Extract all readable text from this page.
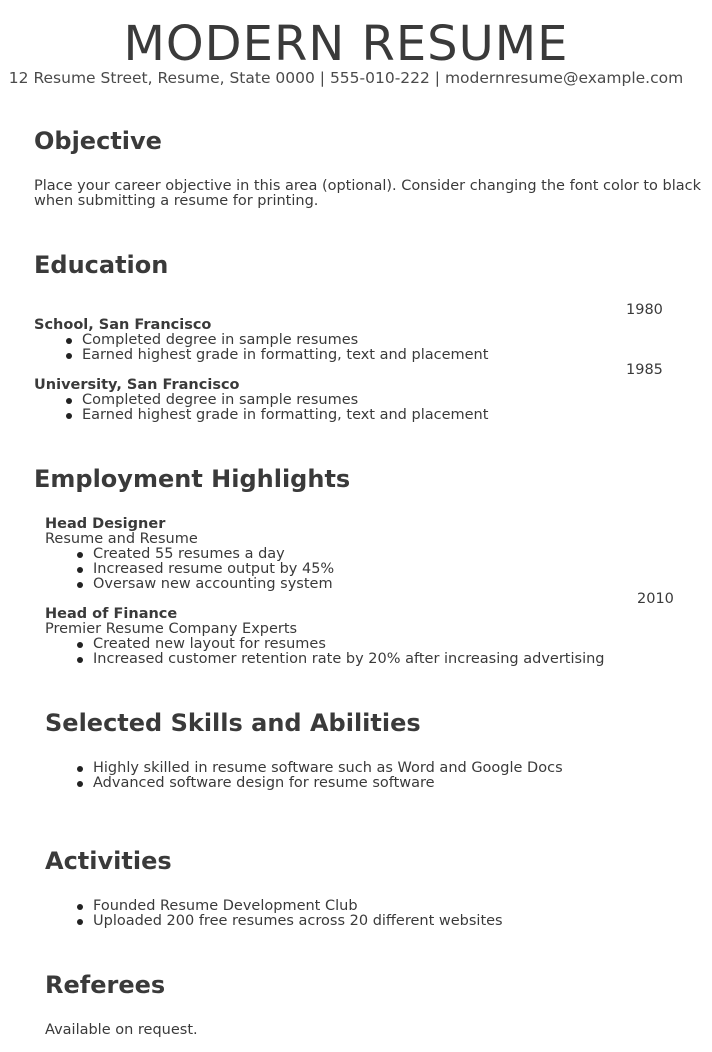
MODERN RESUME
12 Resume Street, Resume, State 0000 | 555-010-222 | modernresume@example.com
Objective
Place your career objective in this area (optional). Consider changing the font color to black
when submitting a resume for printing.
Education
1980
School, San Francisco
Completed degree in sample resumes
Earned highest grade in formatting, text and placement
1985
University, San Francisco
Completed degree in sample resumes
Earned highest grade in formatting, text and placement
Employment Highlights
Head Designer
Resume and Resume
Created 55 resumes a day
Increased resume output by 45%
Oversaw new accounting system
2010
Head of Finance
Premier Resume Company Experts
Created new layout for resumes
Increased customer retention rate by 20% after increasing advertising
Selected Skills and Abilities
Highly skilled in resume software such as Word and Google Docs
Advanced software design for resume software
Activities
Founded Resume Development Club
Uploaded 200 free resumes across 20 different websites
Referees
Available on request.
